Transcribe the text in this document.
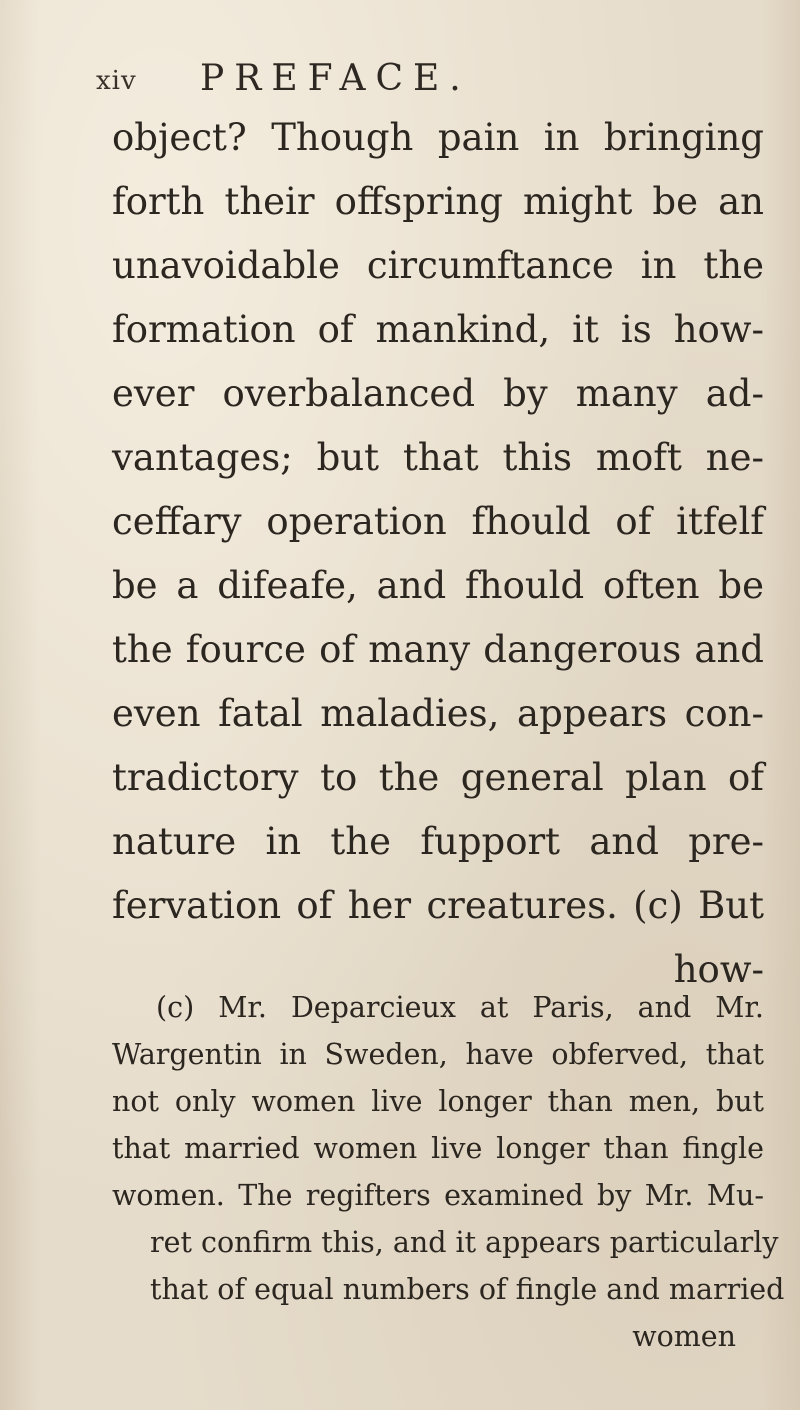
xiv PREFACE.
object? Though pain in bringing
forth their offspring might be an
unavoidable circumftance in the
formation of mankind, it is how-
ever overbalanced by many ad-
vantages; but that this moft ne-
ceffary operation fhould of itfelf
be a difeafe, and fhould often be
the fource of many dangerous and
even fatal maladies, appears con-
tradictory to the general plan of
nature in the fupport and pre-
fervation of her creatures. (c) But
how-
(c) Mr. Deparcieux at Paris, and Mr.
Wargentin in Sweden, have obferved, that
not only women live longer than men, but
that married women live longer than fingle
women. The regifters examined by Mr. Mu-
ret confirm this, and it appears particularly
that of equal numbers of fingle and married
women
